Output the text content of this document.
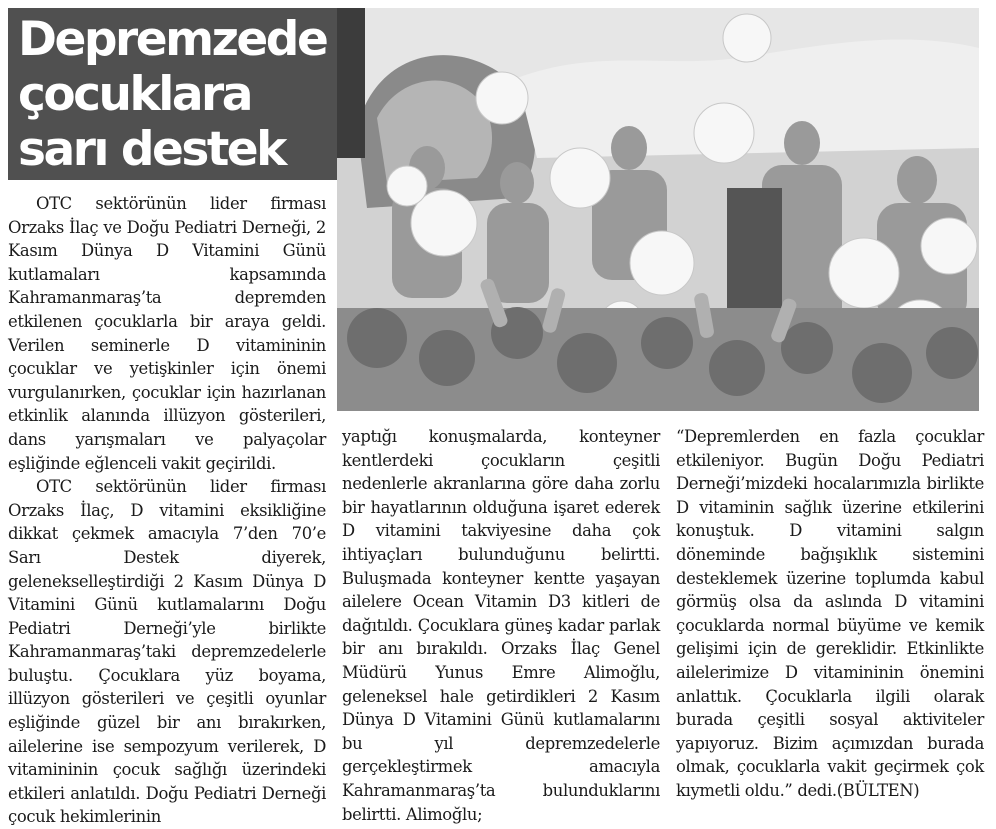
Depremzede
çocuklara
sarı destek

OTC sektörünün lider firması Orzaks İlaç ve Doğu Pediatri Derneği, 2 Kasım Dünya D Vitamini Günü kutlamaları kapsamında Kahramanmaraş’ta depremden etkilenen çocuklarla bir araya geldi. Verilen seminerle D vitamininin çocuklar ve yetişkinler için önemi vurgulanırken, çocuklar için hazırlanan etkinlik alanında illüzyon gösterileri, dans yarışmaları ve palyaçolar eşliğinde eğlenceli vakit geçirildi.

OTC sektörünün lider firması Orzaks İlaç, D vitamini eksikliğine dikkat çekmek amacıyla 7’den 70’e Sarı Destek diyerek, gelenekselleştirdiği 2 Kasım Dünya D Vitamini Günü kutlamalarını Doğu Pediatri Derneği’yle birlikte Kahramanmaraş’taki depremzedelerle buluştu. Çocuklara yüz boyama, illüzyon gösterileri ve çeşitli oyunlar eşliğinde güzel bir anı bırakırken, ailelerine ise sempozyum verilerek, D vitamininin çocuk sağlığı üzerindeki etkileri anlatıldı. Doğu Pediatri Derneği çocuk hekimlerinin

yaptığı konuşmalarda, konteyner kentlerdeki çocukların çeşitli nedenlerle akranlarına göre daha zorlu bir hayatlarının olduğuna işaret ederek D vitamini takviyesine daha çok ihtiyaçları bulunduğunu belirtti. Buluşmada konteyner kentte yaşayan ailelere Ocean Vitamin D3 kitleri de dağıtıldı. Çocuklara güneş kadar parlak bir anı bırakıldı. Orzaks İlaç Genel Müdürü Yunus Emre Alimoğlu, geleneksel hale getirdikleri 2 Kasım Dünya D Vitamini Günü kutlamalarını bu yıl depremzedelerle gerçekleştirmek amacıyla Kahramanmaraş’ta bulunduklarını belirtti. Alimoğlu;

“Depremlerden en fazla çocuklar etkileniyor. Bugün Doğu Pediatri Derneği’mizdeki hocalarımızla birlikte D vitaminin sağlık üzerine etkilerini konuştuk. D vitamini salgın döneminde bağışıklık sistemini desteklemek üzerine toplumda kabul görmüş olsa da aslında D vitamini çocuklarda normal büyüme ve kemik gelişimi için de gereklidir. Etkinlikte ailelerimize D vitamininin önemini anlattık. Çocuklarla ilgili olarak burada çeşitli sosyal aktiviteler yapıyoruz. Bizim açımızdan burada olmak, çocuklarla vakit geçirmek çok kıymetli oldu.” dedi.(BÜLTEN)
